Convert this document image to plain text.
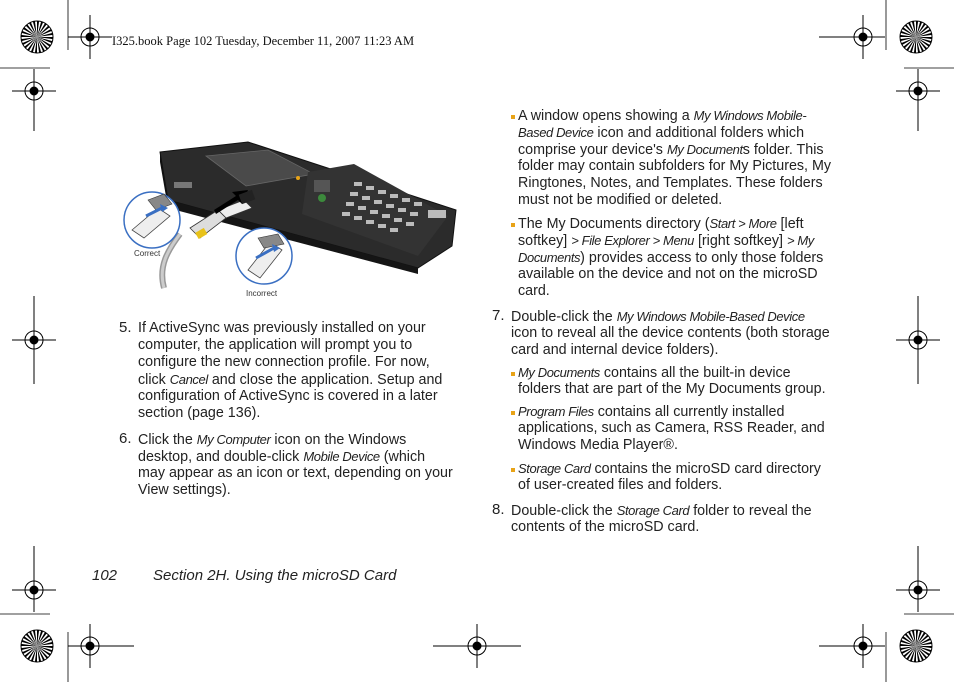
I325.book Page 102 Tuesday, December 11, 2007 11:23 AM
Correct
Incorrect
102 Section 2H. Using the microSD Card
5. If ActiveSync was previously installed on your
computer, the application will prompt you to
configure the new connection profile. For now,
click Cancel and close the application. Setup and
configuration of ActiveSync is covered in a later
section (page 136).
6. Click the My Computer icon on the Windows
desktop, and double-click Mobile Device (which
may appear as an icon or text, depending on your
View settings).
A window opens showing a My Windows Mobile-
Based Device icon and additional folders which
comprise your device's My Documents folder. This
folder may contain subfolders for My Pictures, My
Ringtones, Notes, and Templates. These folders
must not be modified or deleted.
The My Documents directory (Start > More [left
softkey] > File Explorer > Menu [right softkey] > My
Documents) provides access to only those folders
available on the device and not on the microSD
card.
7. Double-click the My Windows Mobile-Based Device
icon to reveal all the device contents (both storage
card and internal device folders).
My Documents contains all the built-in device
folders that are part of the My Documents group.
Program Files contains all currently installed
applications, such as Camera, RSS Reader, and
Windows Media Player®.
Storage Card contains the microSD card directory
of user-created files and folders.
8. Double-click the Storage Card folder to reveal the
contents of the microSD card.
